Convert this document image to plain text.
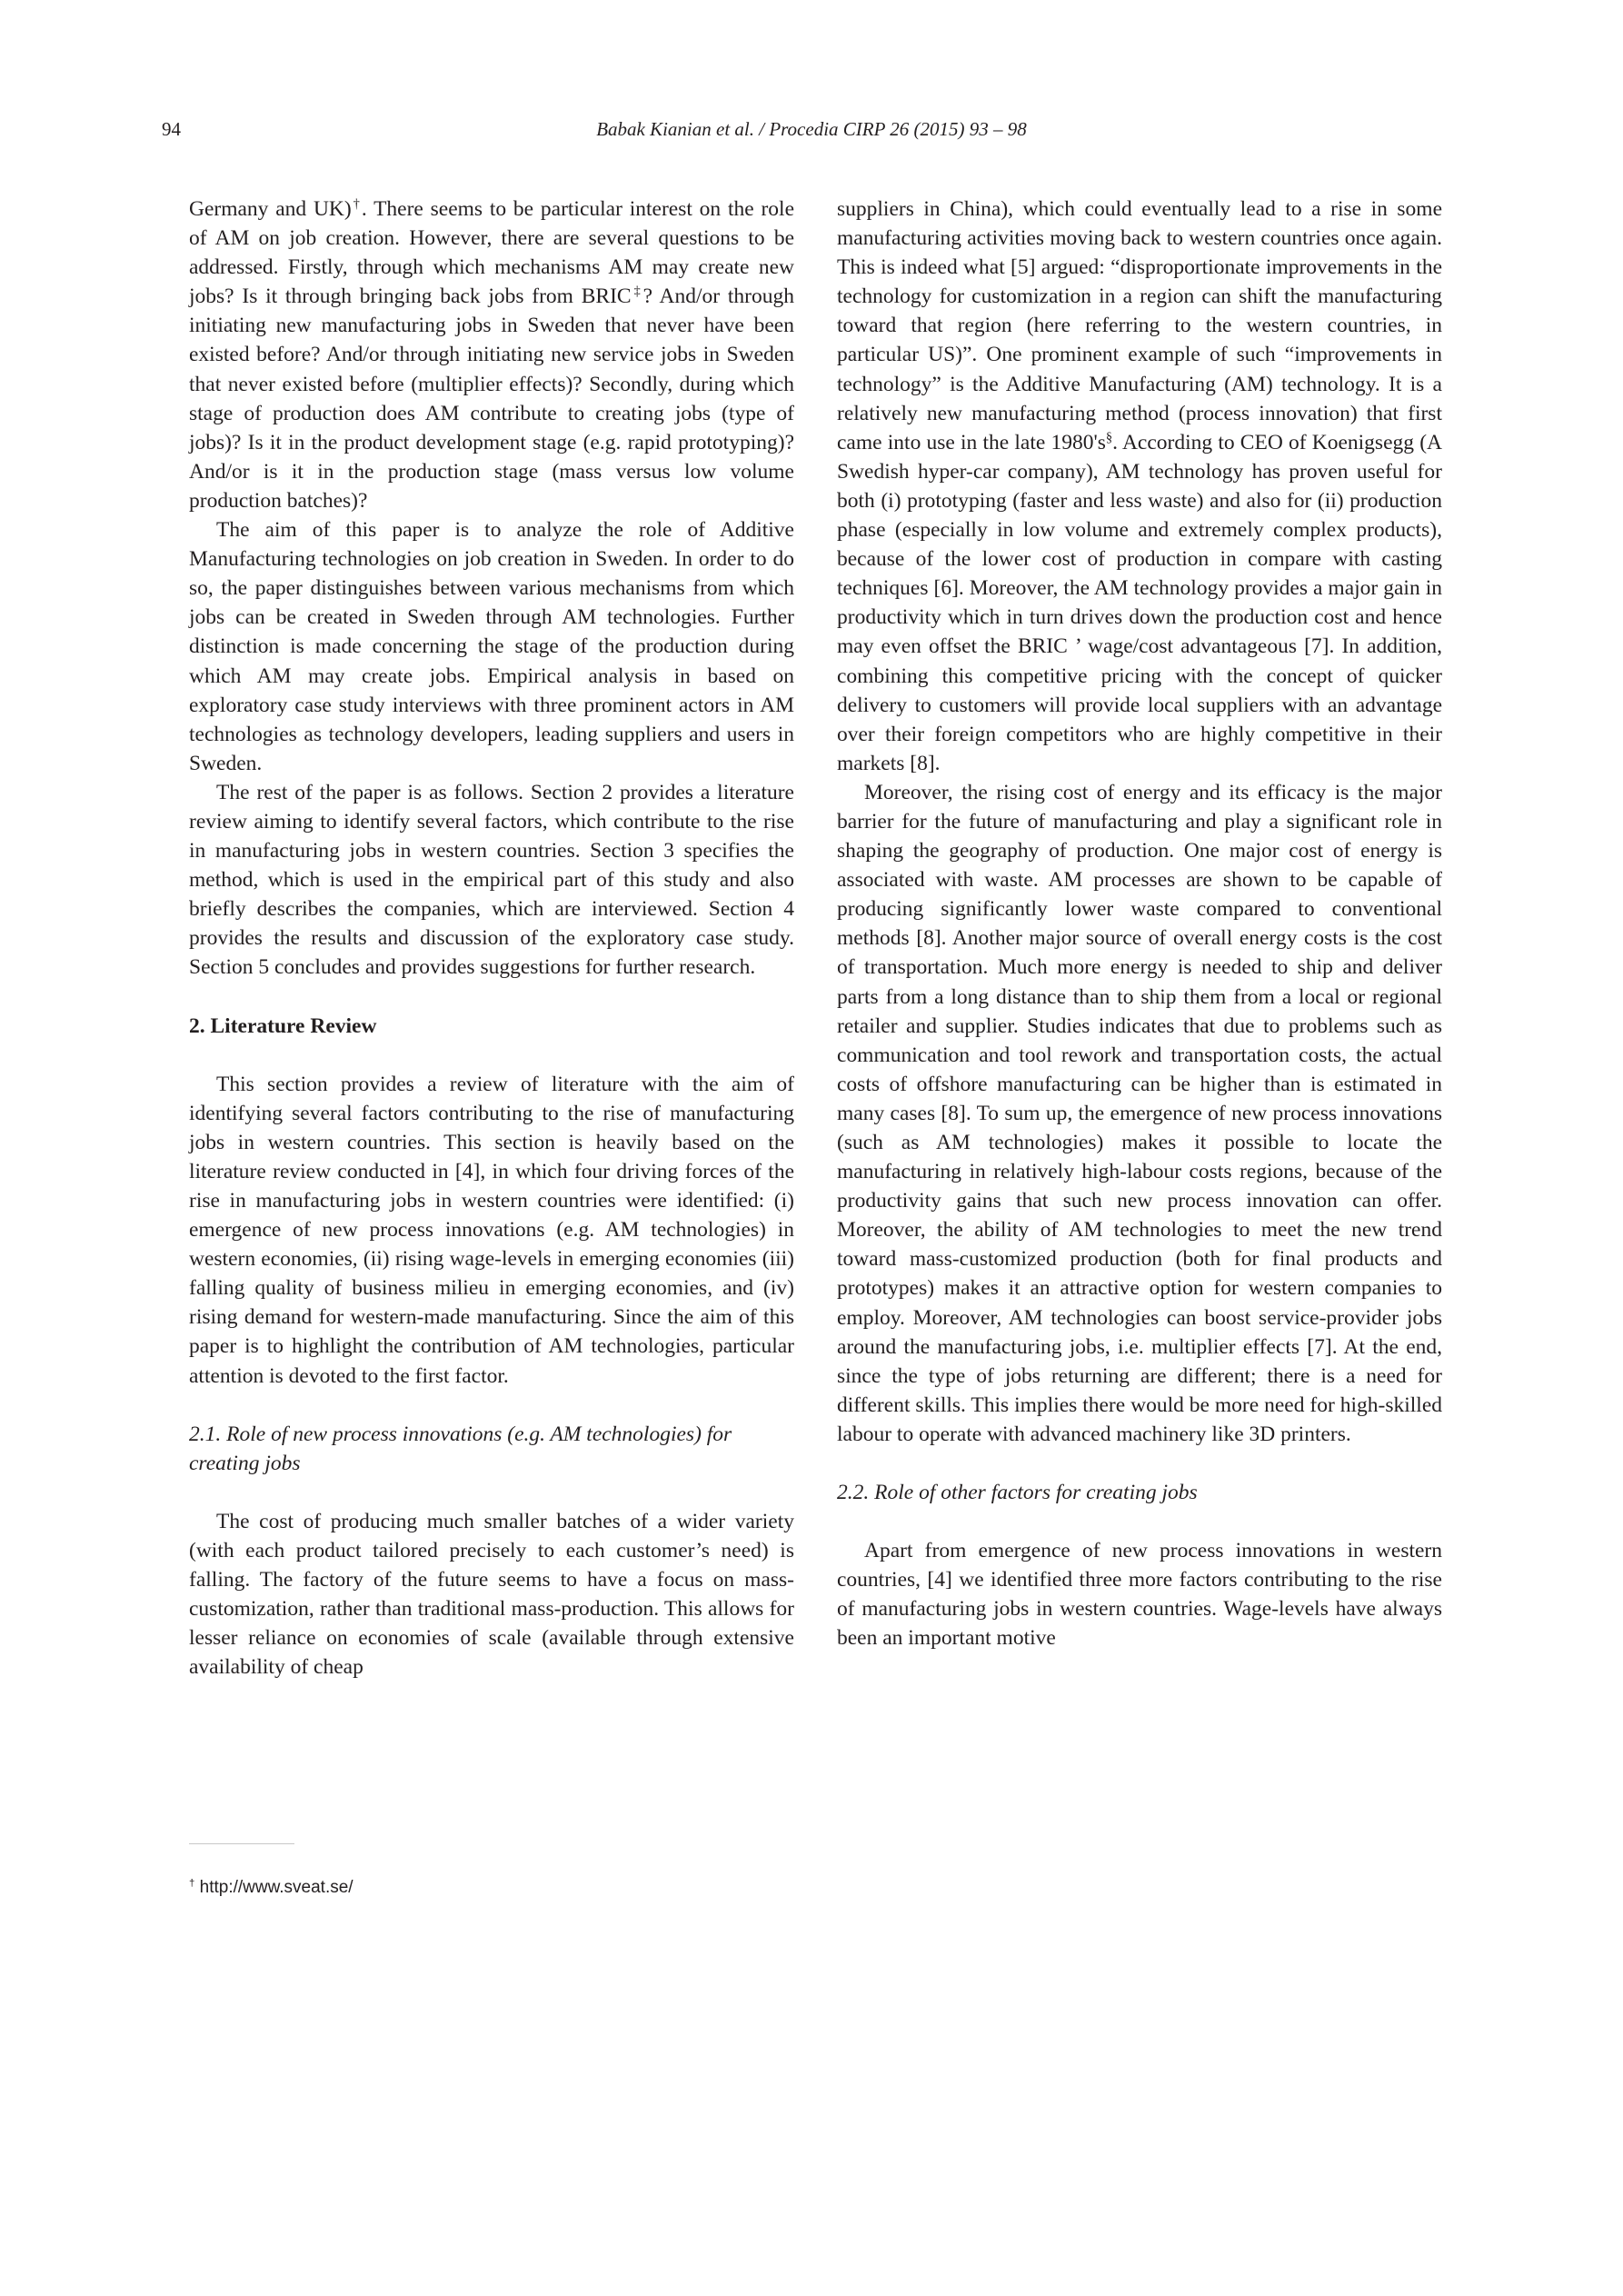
94	Babak Kianian et al. / Procedia CIRP 26 (2015) 93 – 98

Germany and UK)†. There seems to be particular interest on the role of AM on job creation. However, there are several questions to be addressed. Firstly, through which mechanisms AM may create new jobs? Is it through bringing back jobs from BRIC‡? And/or through initiating new manufacturing jobs in Sweden that never have been existed before? And/or through initiating new service jobs in Sweden that never existed before (multiplier effects)? Secondly, during which stage of production does AM contribute to creating jobs (type of jobs)? Is it in the product development stage (e.g. rapid prototyping)? And/or is it in the production stage (mass versus low volume production batches)?

The aim of this paper is to analyze the role of Additive Manufacturing technologies on job creation in Sweden. In order to do so, the paper distinguishes between various mechanisms from which jobs can be created in Sweden through AM technologies. Further distinction is made concerning the stage of the production during which AM may create jobs. Empirical analysis in based on exploratory case study interviews with three prominent actors in AM technologies as technology developers, leading suppliers and users in Sweden.

The rest of the paper is as follows. Section 2 provides a literature review aiming to identify several factors, which contribute to the rise in manufacturing jobs in western countries. Section 3 specifies the method, which is used in the empirical part of this study and also briefly describes the companies, which are interviewed. Section 4 provides the results and discussion of the exploratory case study. Section 5 concludes and provides suggestions for further research.

2. Literature Review

This section provides a review of literature with the aim of identifying several factors contributing to the rise of manufacturing jobs in western countries. This section is heavily based on the literature review conducted in [4], in which four driving forces of the rise in manufacturing jobs in western countries were identified: (i) emergence of new process innovations (e.g. AM technologies) in western economies, (ii) rising wage-levels in emerging economies (iii) falling quality of business milieu in emerging economies, and (iv) rising demand for western-made manufacturing. Since the aim of this paper is to highlight the contribution of AM technologies, particular attention is devoted to the first factor.

2.1. Role of new process innovations (e.g. AM technologies) for creating jobs

The cost of producing much smaller batches of a wider variety (with each product tailored precisely to each customer’s need) is falling. The factory of the future seems to have a focus on mass-customization, rather than traditional mass-production. This allows for lesser reliance on economies of scale (available through extensive availability of cheap

suppliers in China), which could eventually lead to a rise in some manufacturing activities moving back to western countries once again. This is indeed what [5] argued: “disproportionate improvements in the technology for customization in a region can shift the manufacturing toward that region (here referring to the western countries, in particular US)”. One prominent example of such “improvements in technology” is the Additive Manufacturing (AM) technology. It is a relatively new manufacturing method (process innovation) that first came into use in the late 1980's§. According to CEO of Koenigsegg (A Swedish hyper-car company), AM technology has proven useful for both (i) prototyping (faster and less waste) and also for (ii) production phase (especially in low volume and extremely complex products), because of the lower cost of production in compare with casting techniques [6]. Moreover, the AM technology provides a major gain in productivity which in turn drives down the production cost and hence may even offset the BRIC ’ wage/cost advantageous [7]. In addition, combining this competitive pricing with the concept of quicker delivery to customers will provide local suppliers with an advantage over their foreign competitors who are highly competitive in their markets [8].

Moreover, the rising cost of energy and its efficacy is the major barrier for the future of manufacturing and play a significant role in shaping the geography of production. One major cost of energy is associated with waste. AM processes are shown to be capable of producing significantly lower waste compared to conventional methods [8]. Another major source of overall energy costs is the cost of transportation. Much more energy is needed to ship and deliver parts from a long distance than to ship them from a local or regional retailer and supplier. Studies indicates that due to problems such as communication and tool rework and transportation costs, the actual costs of offshore manufacturing can be higher than is estimated in many cases [8]. To sum up, the emergence of new process innovations (such as AM technologies) makes it possible to locate the manufacturing in relatively high-labour costs regions, because of the productivity gains that such new process innovation can offer. Moreover, the ability of AM technologies to meet the new trend toward mass-customized production (both for final products and prototypes) makes it an attractive option for western companies to employ. Moreover, AM technologies can boost service-provider jobs around the manufacturing jobs, i.e. multiplier effects [7]. At the end, since the type of jobs returning are different; there is a need for different skills. This implies there would be more need for high-skilled labour to operate with advanced machinery like 3D printers.

2.2. Role of other factors for creating jobs

Apart from emergence of new process innovations in western countries, [4] we identified three more factors contributing to the rise of manufacturing jobs in western countries. Wage-levels have always been an important motive

† http://www.sveat.se/
